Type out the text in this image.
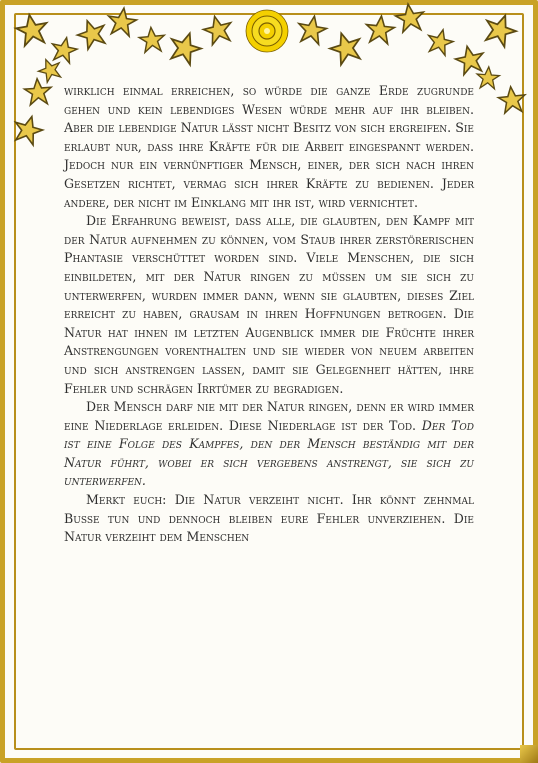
wirklich einmal erreichen, so würde die ganze Erde zugrunde gehen und kein lebendiges Wesen würde mehr auf ihr bleiben. Aber die lebendige Natur lässt nicht Besitz von sich ergreifen. Sie erlaubt nur, dass ihre Kräfte für die Arbeit eingespannt werden. Jedoch nur ein vernünftiger Mensch, einer, der sich nach ihren Gesetzen richtet, vermag sich ihrer Kräfte zu bedienen. Jeder andere, der nicht im Einklang mit ihr ist, wird vernichtet.

Die Erfahrung beweist, dass alle, die glaubten, den Kampf mit der Natur aufnehmen zu können, vom Staub ihrer zerstörerischen Phantasie verschüttet worden sind. Viele Menschen, die sich einbildeten, mit der Natur ringen zu müssen um sie sich zu unterwerfen, wurden immer dann, wenn sie glaubten, dieses Ziel erreicht zu haben, grausam in ihren Hoffnungen betrogen. Die Natur hat ihnen im letzten Augenblick immer die Früchte ihrer Anstrengungen vorenthalten und sie wieder von neuem arbeiten und sich anstrengen lassen, damit sie Gelegenheit hätten, ihre Fehler und schrägen Irrtümer zu begradigen.

Der Mensch darf nie mit der Natur ringen, denn er wird immer eine Niederlage erleiden. Diese Niederlage ist der Tod. Der Tod ist eine Folge des Kampfes, den der Mensch beständig mit der Natur führt, wobei er sich vergebens anstrengt, sie sich zu unterwerfen.

Merkt euch: Die Natur verzeiht nicht. Ihr könnt zehnmal Busse tun und dennoch bleiben eure Fehler unverziehen. Die Natur verzeiht dem Menschen
